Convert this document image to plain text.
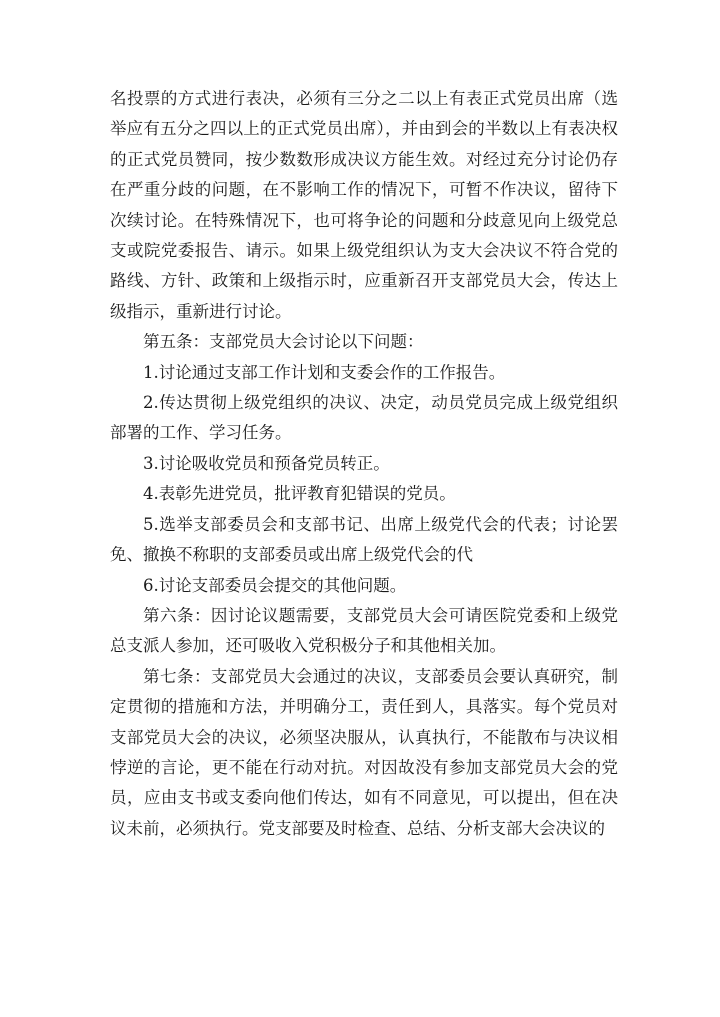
名投票的方式进行表决，必须有三分之二以上有表正式党员出席（选举应有五分之四以上的正式党员出席），并由到会的半数以上有表决权的正式党员赞同，按少数数形成决议方能生效。对经过充分讨论仍存在严重分歧的问题，在不影响工作的情况下，可暂不作决议，留待下次续讨论。在特殊情况下，也可将争论的问题和分歧意见向上级党总支或院党委报告、请示。如果上级党组织认为支大会决议不符合党的路线、方针、政策和上级指示时，应重新召开支部党员大会，传达上级指示，重新进行讨论。

第五条：支部党员大会讨论以下问题：

1.讨论通过支部工作计划和支委会作的工作报告。

2.传达贯彻上级党组织的决议、决定，动员党员完成上级党组织部署的工作、学习任务。

3.讨论吸收党员和预备党员转正。

4.表彰先进党员，批评教育犯错误的党员。

5.选举支部委员会和支部书记、出席上级党代会的代表；讨论罢免、撤换不称职的支部委员或出席上级党代会的代

6.讨论支部委员会提交的其他问题。

第六条：因讨论议题需要，支部党员大会可请医院党委和上级党总支派人参加，还可吸收入党积极分子和其他相关加。

第七条：支部党员大会通过的决议，支部委员会要认真研究，制定贯彻的措施和方法，并明确分工，责任到人，具落实。每个党员对支部党员大会的决议，必须坚决服从，认真执行，不能散布与决议相悖逆的言论，更不能在行动对抗。对因故没有参加支部党员大会的党员，应由支书或支委向他们传达，如有不同意见，可以提出，但在决议未前，必须执行。党支部要及时检查、总结、分析支部大会决议的
